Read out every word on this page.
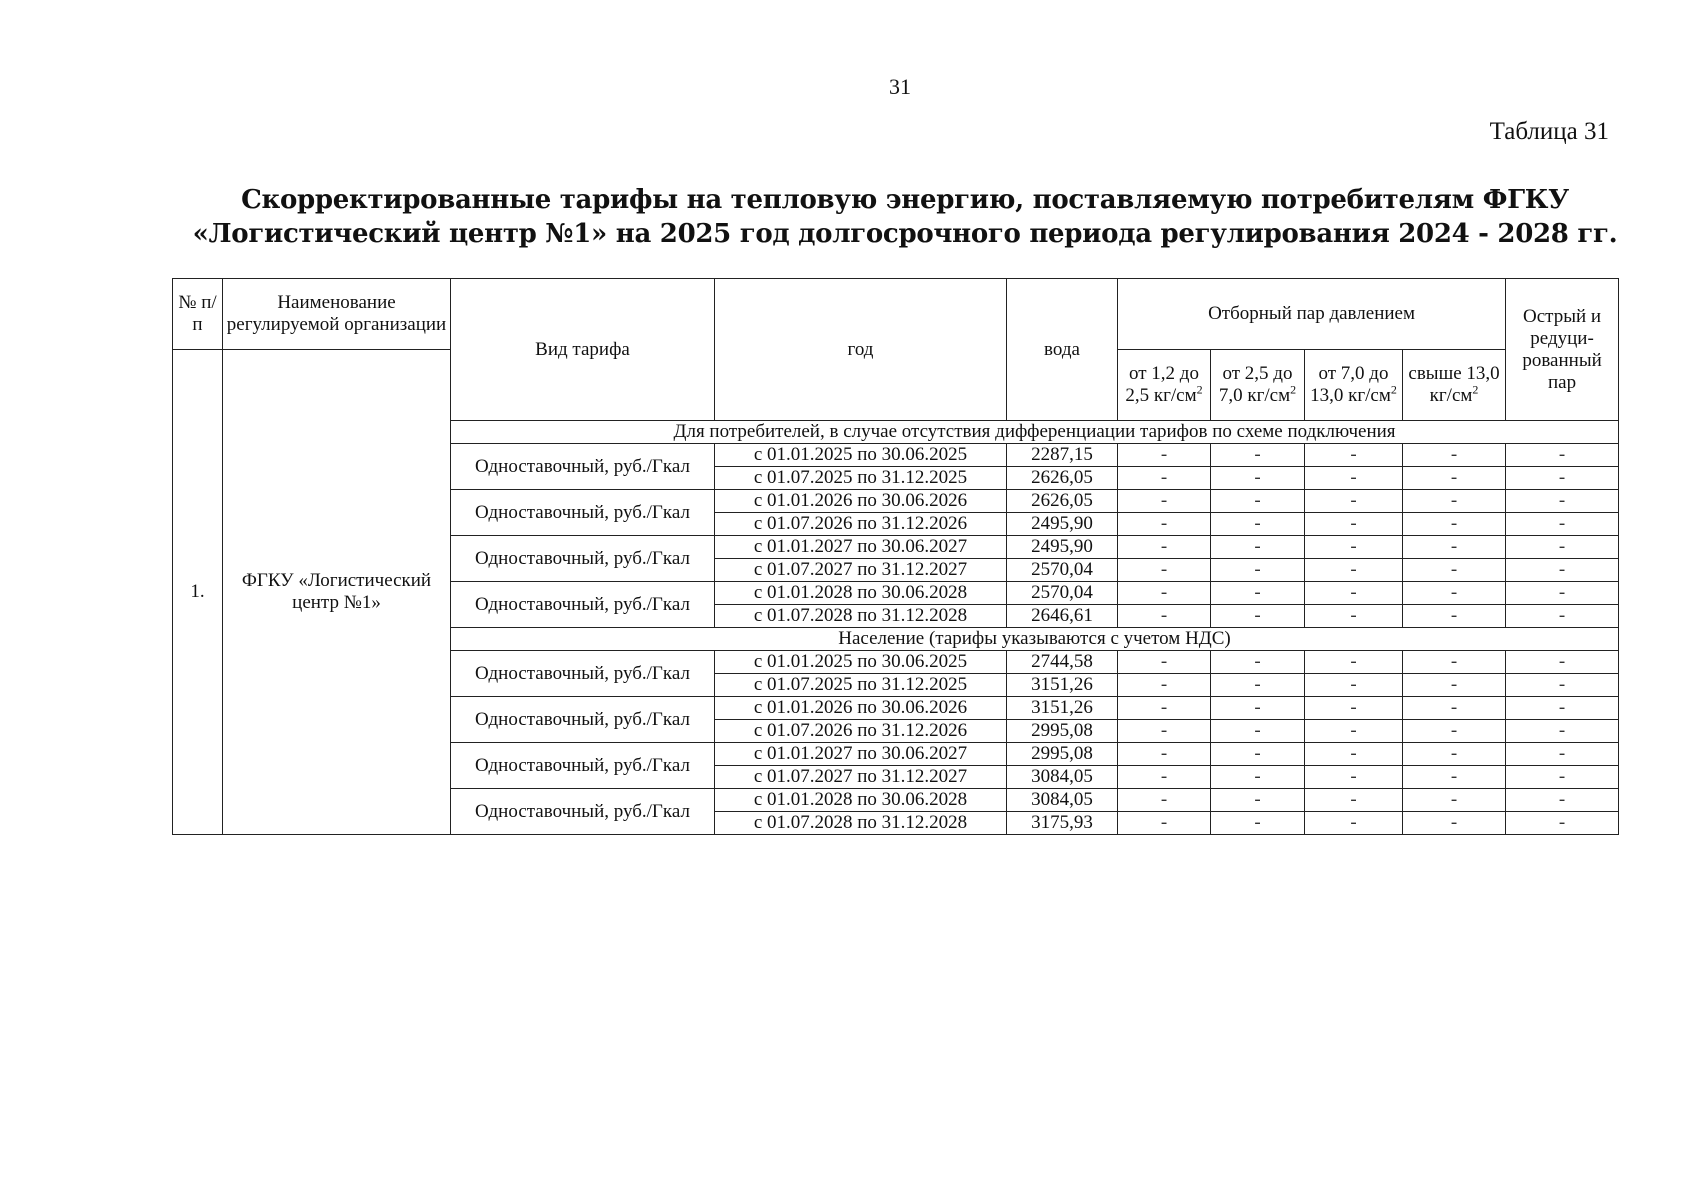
31
Таблица 31
Скорректированные тарифы на тепловую энергию, поставляемую потребителям ФГКУ «Логистический центр №1» на 2025 год долгосрочного периода регулирования 2024 - 2028 гг.
№ п/п	Наименование регулируемой организации	Вид тарифа	год	вода	Отборный пар давлением				Острый и редуци-рованный пар
1.	ФГКУ «Логистический центр №1»				от 1,2 до 2,5 $кг/см^2$	от 2,5 до 7,0 $кг/см^2$	от 7,0 до 13,0 $кг/см^2$	свыше 13,0 $кг/см^2$
		Для потребителей, в случае отсутствия дифференциации тарифов по схеме подключения							
		Одноставочный, руб./Гкал	с 01.01.2025 по 30.06.2025	2287,15	-	-	-	-	-
			с 01.07.2025 по 31.12.2025	2626,05	-	-	-	-	-
		Одноставочный, руб./Гкал	с 01.01.2026 по 30.06.2026	2626,05	-	-	-	-	-
			с 01.07.2026 по 31.12.2026	2495,90	-	-	-	-	-
		Одноставочный, руб./Гкал	с 01.01.2027 по 30.06.2027	2495,90	-	-	-	-	-
			с 01.07.2027 по 31.12.2027	2570,04	-	-	-	-	-
		Одноставочный, руб./Гкал	с 01.01.2028 по 30.06.2028	2570,04	-	-	-	-	-
			с 01.07.2028 по 31.12.2028	2646,61	-	-	-	-	-
		Население (тарифы указываются с учетом НДС)							
		Одноставочный, руб./Гкал	с 01.01.2025 по 30.06.2025	2744,58	-	-	-	-	-
			с 01.07.2025 по 31.12.2025	3151,26	-	-	-	-	-
		Одноставочный, руб./Гкал	с 01.01.2026 по 30.06.2026	3151,26	-	-	-	-	-
			с 01.07.2026 по 31.12.2026	2995,08	-	-	-	-	-
		Одноставочный, руб./Гкал	с 01.01.2027 по 30.06.2027	2995,08	-	-	-	-	-
			с 01.07.2027 по 31.12.2027	3084,05	-	-	-	-	-
		Одноставочный, руб./Гкал	с 01.01.2028 по 30.06.2028	3084,05	-	-	-	-	-
			с 01.07.2028 по 31.12.2028	3175,93	-	-	-	-	-
